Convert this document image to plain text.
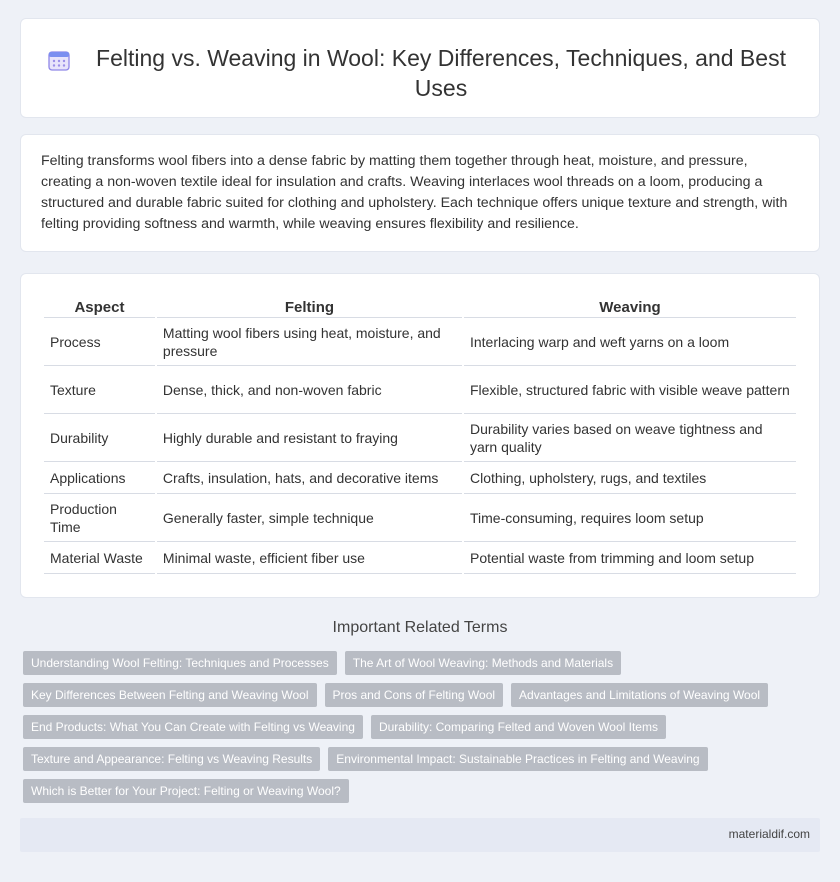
Felting vs. Weaving in Wool: Key Differences, Techniques, and Best Uses

Felting transforms wool fibers into a dense fabric by matting them together through heat, moisture, and pressure, creating a non-woven textile ideal for insulation and crafts. Weaving interlaces wool threads on a loom, producing a structured and durable fabric suited for clothing and upholstery. Each technique offers unique texture and strength, with felting providing softness and warmth, while weaving ensures flexibility and resilience.

Aspect	Felting	Weaving
Process	Matting wool fibers using heat, moisture, and pressure	Interlacing warp and weft yarns on a loom
Texture	Dense, thick, and non-woven fabric	Flexible, structured fabric with visible weave pattern
Durability	Highly durable and resistant to fraying	Durability varies based on weave tightness and yarn quality
Applications	Crafts, insulation, hats, and decorative items	Clothing, upholstery, rugs, and textiles
Production Time	Generally faster, simple technique	Time-consuming, requires loom setup
Material Waste	Minimal waste, efficient fiber use	Potential waste from trimming and loom setup
Important Related Terms
Understanding Wool Felting: Techniques and Processes	The Art of Wool Weaving: Methods and Materials
Key Differences Between Felting and Weaving Wool	Pros and Cons of Felting Wool	Advantages and Limitations of Weaving Wool
End Products: What You Can Create with Felting vs Weaving	Durability: Comparing Felted and Woven Wool Items
Texture and Appearance: Felting vs Weaving Results	Environmental Impact: Sustainable Practices in Felting and Weaving
Which is Better for Your Project: Felting or Weaving Wool?
materialdif.com
